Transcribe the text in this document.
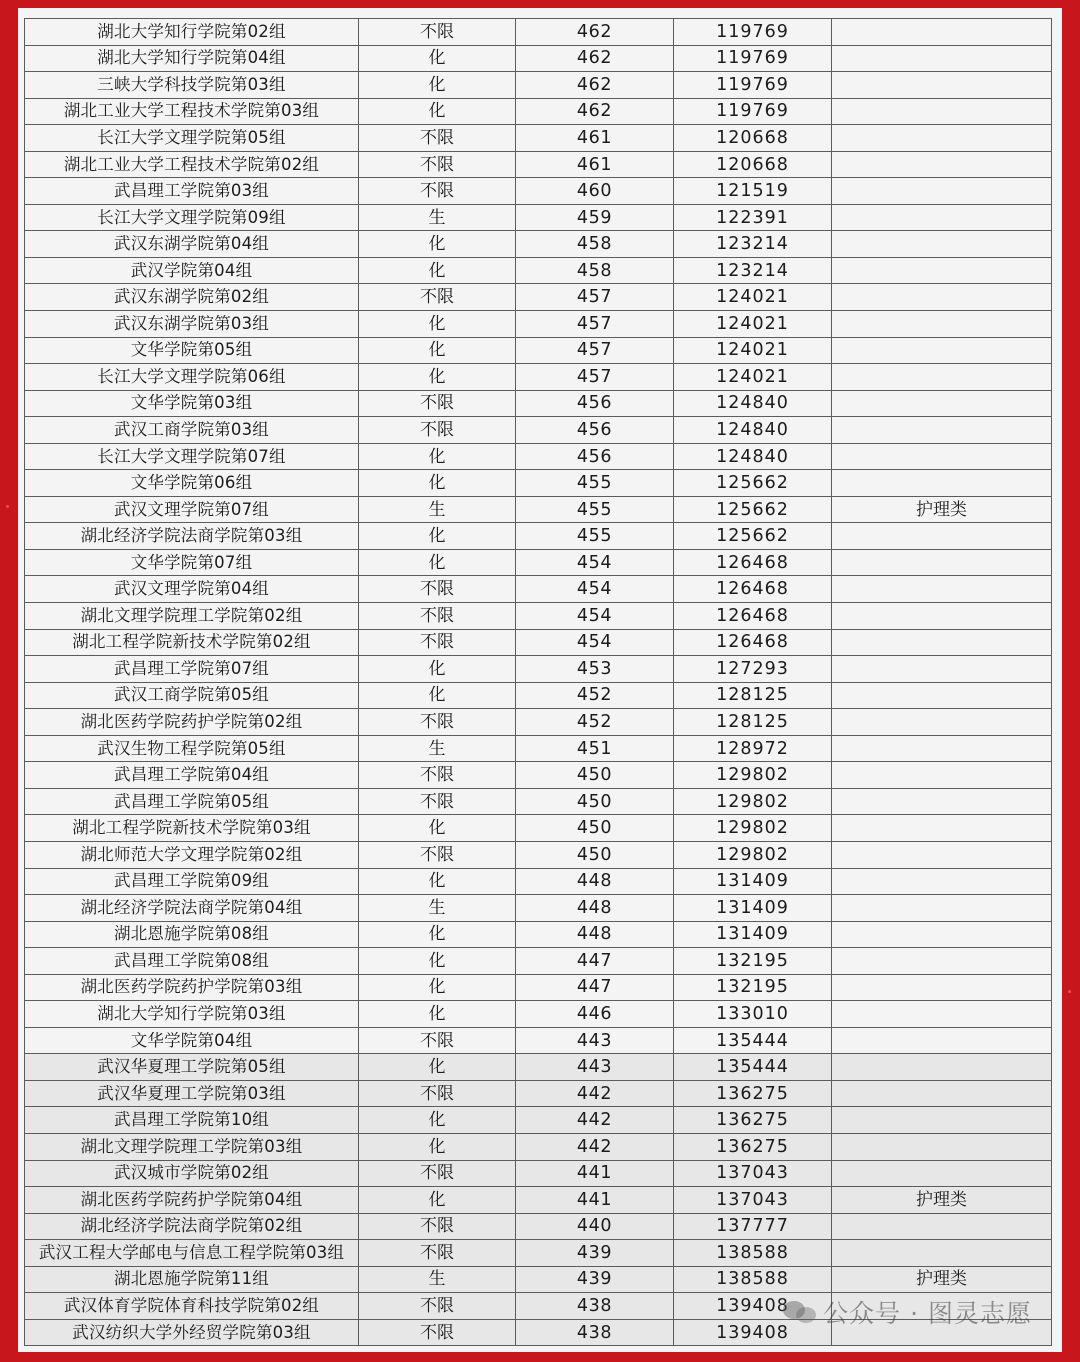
湖北大学知行学院第02组	不限	462	119769	
湖北大学知行学院第04组	化	462	119769	
三峡大学科技学院第03组	化	462	119769	
湖北工业大学工程技术学院第03组	化	462	119769	
长江大学文理学院第05组	不限	461	120668	
湖北工业大学工程技术学院第02组	不限	461	120668	
武昌理工学院第03组	不限	460	121519	
长江大学文理学院第09组	生	459	122391	
武汉东湖学院第04组	化	458	123214	
武汉学院第04组	化	458	123214	
武汉东湖学院第02组	不限	457	124021	
武汉东湖学院第03组	化	457	124021	
文华学院第05组	化	457	124021	
长江大学文理学院第06组	化	457	124021	
文华学院第03组	不限	456	124840	
武汉工商学院第03组	不限	456	124840	
长江大学文理学院第07组	化	456	124840	
文华学院第06组	化	455	125662	
武汉文理学院第07组	生	455	125662	护理类
湖北经济学院法商学院第03组	化	455	125662	
文华学院第07组	化	454	126468	
武汉文理学院第04组	不限	454	126468	
湖北文理学院理工学院第02组	不限	454	126468	
湖北工程学院新技术学院第02组	不限	454	126468	
武昌理工学院第07组	化	453	127293	
武汉工商学院第05组	化	452	128125	
湖北医药学院药护学院第02组	不限	452	128125	
武汉生物工程学院第05组	生	451	128972	
武昌理工学院第04组	不限	450	129802	
武昌理工学院第05组	不限	450	129802	
湖北工程学院新技术学院第03组	化	450	129802	
湖北师范大学文理学院第02组	不限	450	129802	
武昌理工学院第09组	化	448	131409	
湖北经济学院法商学院第04组	生	448	131409	
湖北恩施学院第08组	化	448	131409	
武昌理工学院第08组	化	447	132195	
湖北医药学院药护学院第03组	化	447	132195	
湖北大学知行学院第03组	化	446	133010	
文华学院第04组	不限	443	135444	
武汉华夏理工学院第05组	化	443	135444	
武汉华夏理工学院第03组	不限	442	136275	
武昌理工学院第10组	化	442	136275	
湖北文理学院理工学院第03组	化	442	136275	
武汉城市学院第02组	不限	441	137043	
湖北医药学院药护学院第04组	化	441	137043	护理类
湖北经济学院法商学院第02组	不限	440	137777	
武汉工程大学邮电与信息工程学院第03组	不限	439	138588	
湖北恩施学院第11组	生	439	138588	护理类
武汉体育学院体育科技学院第02组	不限	438	139408	
武汉纺织大学外经贸学院第03组	不限	438	139408	
公众号 · 图灵志愿
